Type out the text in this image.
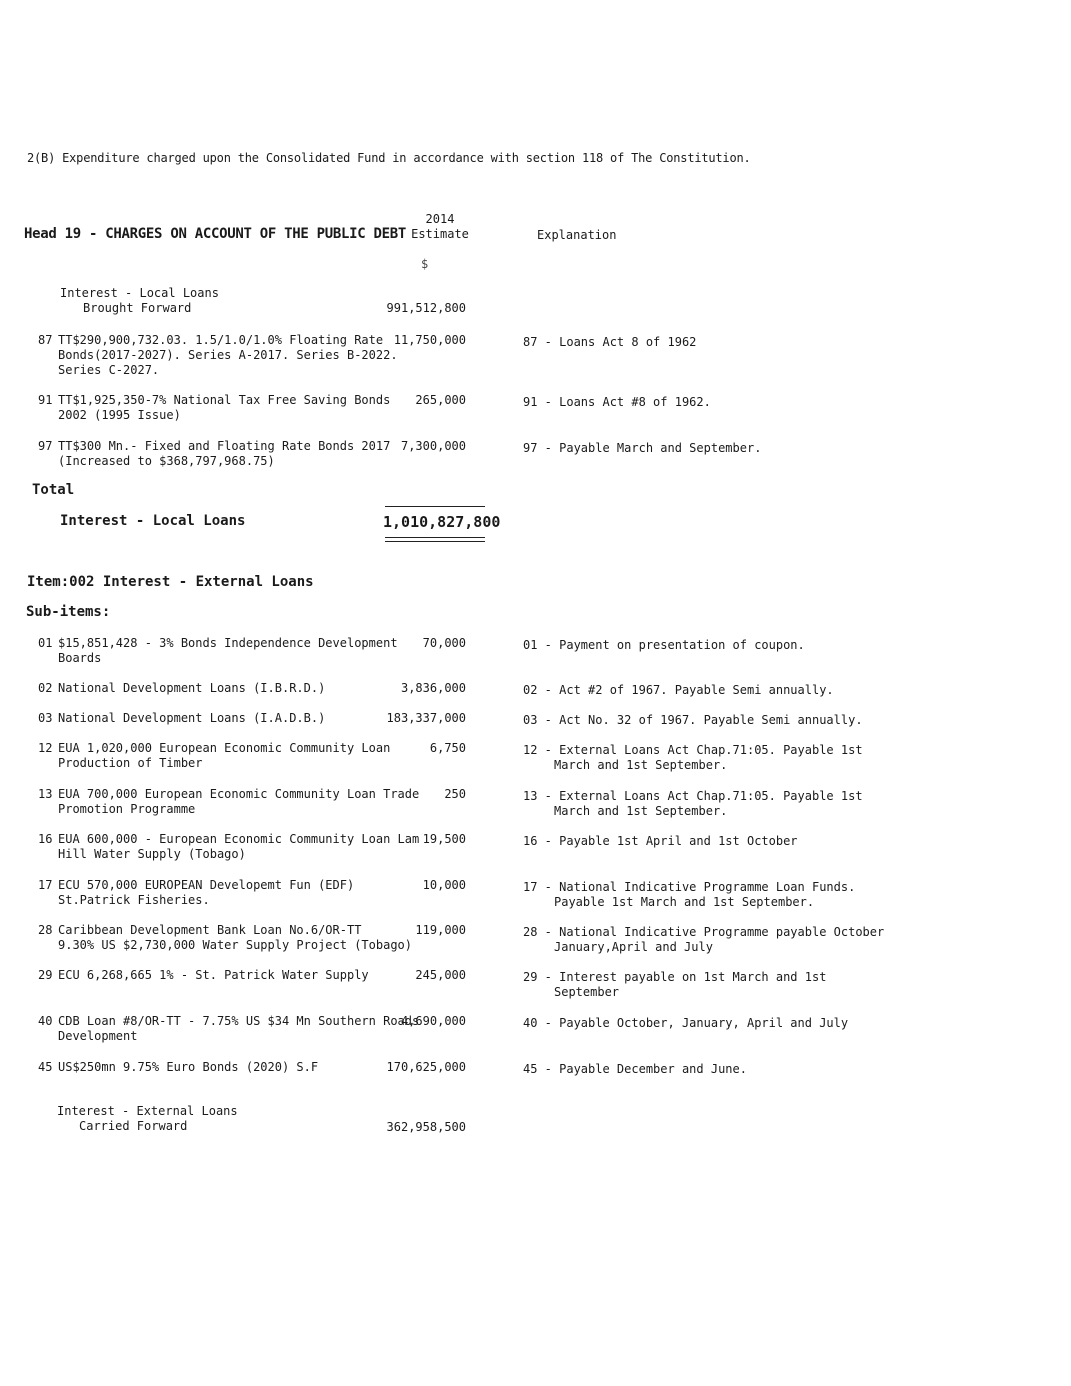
2(B) Expenditure charged upon the Consolidated Fund in accordance with section 118 of The Constitution.
Head 19 - CHARGES ON ACCOUNT OF THE PUBLIC DEBT
2014
Estimate	Explanation
$
Interest - Local Loans
Brought Forward	991,512,800
87 TT$290,900,732.03. 1.5/1.0/1.0% Floating Rate
Bonds(2017-2027). Series A-2017. Series B-2022.
Series C-2027.
11,750,000	87 - Loans Act 8 of 1962
91 TT$1,925,350-7% National Tax Free Saving Bonds
2002 (1995 Issue)
265,000	91 - Loans Act #8 of 1962.
97 TT$300 Mn.- Fixed and Floating Rate Bonds 2017
(Increased to $368,797,968.75)
7,300,000	97 - Payable March and September.
Total
Interest - Local Loans	1,010,827,800
Item:002 Interest - External Loans
Sub-items:
01 $15,851,428 - 3% Bonds Independence Development
Boards
70,000	01 - Payment on presentation of coupon.
02 National Development Loans (I.B.R.D.)	3,836,000	02 - Act #2 of 1967. Payable Semi annually.
03 National Development Loans (I.A.D.B.)	183,337,000	03 - Act No. 32 of 1967. Payable Semi annually.
12 EUA 1,020,000 European Economic Community Loan
Production of Timber
6,750	12 - External Loans Act Chap.71:05. Payable 1st
March and 1st September.
13 EUA 700,000 European Economic Community Loan Trade
Promotion Programme
250	13 - External Loans Act Chap.71:05. Payable 1st
March and 1st September.
16 EUA 600,000 - European Economic Community Loan Lam
Hill Water Supply (Tobago)
19,500	16 - Payable 1st April and 1st October
17 ECU 570,000 EUROPEAN Developemt Fun (EDF)
St.Patrick Fisheries.
10,000	17 - National Indicative Programme Loan Funds.
Payable 1st March and 1st September.
28 Caribbean Development Bank Loan No.6/OR-TT
9.30% US $2,730,000 Water Supply Project (Tobago)
119,000	28 - National Indicative Programme payable October
January,April and July
29 ECU 6,268,665 1% - St. Patrick Water Supply	245,000	29 - Interest payable on 1st March and 1st
September
40 CDB Loan #8/OR-TT - 7.75% US $34 Mn Southern Roads
Development
4,690,000	40 - Payable October, January, April and July
45 US$250mn 9.75% Euro Bonds (2020) S.F	170,625,000	45 - Payable December and June.
Interest - External Loans
Carried Forward	362,958,500
